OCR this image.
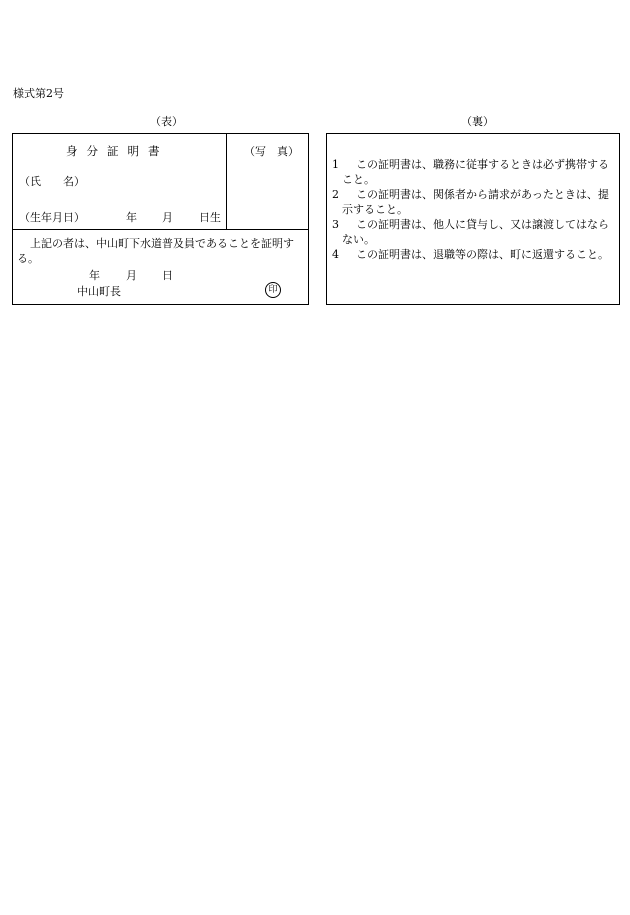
様式第2号
（表）	（裏）
身分証明書
（氏　　名）
（生年月日）	年 月 日生
（写　真）
上記の者は、中山町下水道普及員であることを証明する。
年 月 日
中山町長	印
1	この証明書は、職務に従事するときは必ず携帯すること。
2	この証明書は、関係者から請求があったときは、提示すること。
3	この証明書は、他人に貸与し、又は譲渡してはならない。
4	この証明書は、退職等の際は、町に返還すること。
